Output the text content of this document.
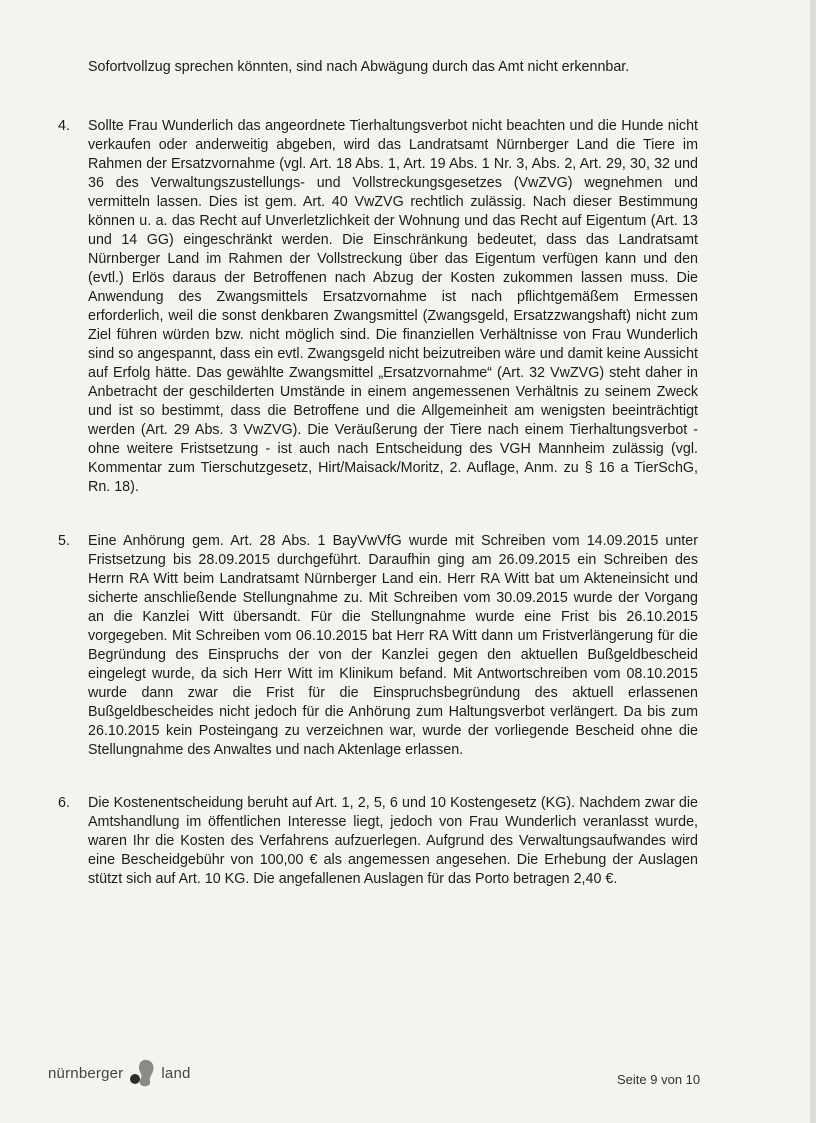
Sofortvollzug sprechen könnten, sind nach Abwägung durch das Amt nicht erkennbar.

4.	Sollte Frau Wunderlich das angeordnete Tierhaltungsverbot nicht beachten und die Hunde nicht verkaufen oder anderweitig abgeben, wird das Landratsamt Nürnberger Land die Tiere im Rahmen der Ersatzvornahme (vgl. Art. 18 Abs. 1, Art. 19 Abs. 1 Nr. 3, Abs. 2, Art. 29, 30, 32 und 36 des Verwaltungszustellungs- und Vollstreckungsgesetzes (VwZVG) wegnehmen und vermitteln lassen. Dies ist gem. Art. 40 VwZVG rechtlich zulässig. Nach dieser Bestimmung können u. a. das Recht auf Unverletzlichkeit der Wohnung und das Recht auf Eigentum (Art. 13 und 14 GG) eingeschränkt werden. Die Einschränkung bedeutet, dass das Landratsamt Nürnberger Land im Rahmen der Vollstreckung über das Eigentum verfügen kann und den (evtl.) Erlös daraus der Betroffenen nach Abzug der Kosten zukommen lassen muss. Die Anwendung des Zwangsmittels Ersatzvornahme ist nach pflichtgemäßem Ermessen erforderlich, weil die sonst denkbaren Zwangsmittel (Zwangsgeld, Ersatzzwangshaft) nicht zum Ziel führen würden bzw. nicht möglich sind. Die finanziellen Verhältnisse von Frau Wunderlich sind so angespannt, dass ein evtl. Zwangsgeld nicht beizutreiben wäre und damit keine Aussicht auf Erfolg hätte. Das gewählte Zwangsmittel „Ersatzvornahme“ (Art. 32 VwZVG) steht daher in Anbetracht der geschilderten Umstände in einem angemessenen Verhältnis zu seinem Zweck und ist so bestimmt, dass die Betroffene und die Allgemeinheit am wenigsten beeinträchtigt werden (Art. 29 Abs. 3 VwZVG). Die Veräußerung der Tiere nach einem Tierhaltungsverbot - ohne weitere Fristsetzung - ist auch nach Entscheidung des VGH Mannheim zulässig (vgl. Kommentar zum Tierschutzgesetz, Hirt/Maisack/Moritz, 2. Auflage, Anm. zu § 16 a TierSchG, Rn. 18).
5.	Eine Anhörung gem. Art. 28 Abs. 1 BayVwVfG wurde mit Schreiben vom 14.09.2015 unter Fristsetzung bis 28.09.2015 durchgeführt. Daraufhin ging am 26.09.2015 ein Schreiben des Herrn RA Witt beim Landratsamt Nürnberger Land ein. Herr RA Witt bat um Akteneinsicht und sicherte anschließende Stellungnahme zu. Mit Schreiben vom 30.09.2015 wurde der Vorgang an die Kanzlei Witt übersandt. Für die Stellungnahme wurde eine Frist bis 26.10.2015 vorgegeben. Mit Schreiben vom 06.10.2015 bat Herr RA Witt dann um Fristverlängerung für die Begründung des Einspruchs der von der Kanzlei gegen den aktuellen Bußgeldbescheid eingelegt wurde, da sich Herr Witt im Klinikum befand. Mit Antwortschreiben vom 08.10.2015 wurde dann zwar die Frist für die Einspruchsbegründung des aktuell erlassenen Bußgeldbescheides nicht jedoch für die Anhörung zum Haltungsverbot verlängert. Da bis zum 26.10.2015 kein Posteingang zu verzeichnen war, wurde der vorliegende Bescheid ohne die Stellungnahme des Anwaltes und nach Aktenlage erlassen.
6.	Die Kostenentscheidung beruht auf Art. 1, 2, 5, 6 und 10 Kostengesetz (KG). Nachdem zwar die Amtshandlung im öffentlichen Interesse liegt, jedoch von Frau Wunderlich veranlasst wurde, waren Ihr die Kosten des Verfahrens aufzuerlegen. Aufgrund des Verwaltungsaufwandes wird eine Bescheidgebühr von 100,00 € als angemessen angesehen. Die Erhebung der Auslagen stützt sich auf Art. 10 KG. Die angefallenen Auslagen für das Porto betragen 2,40 €.
nürnberger	land	Seite 9 von 10
